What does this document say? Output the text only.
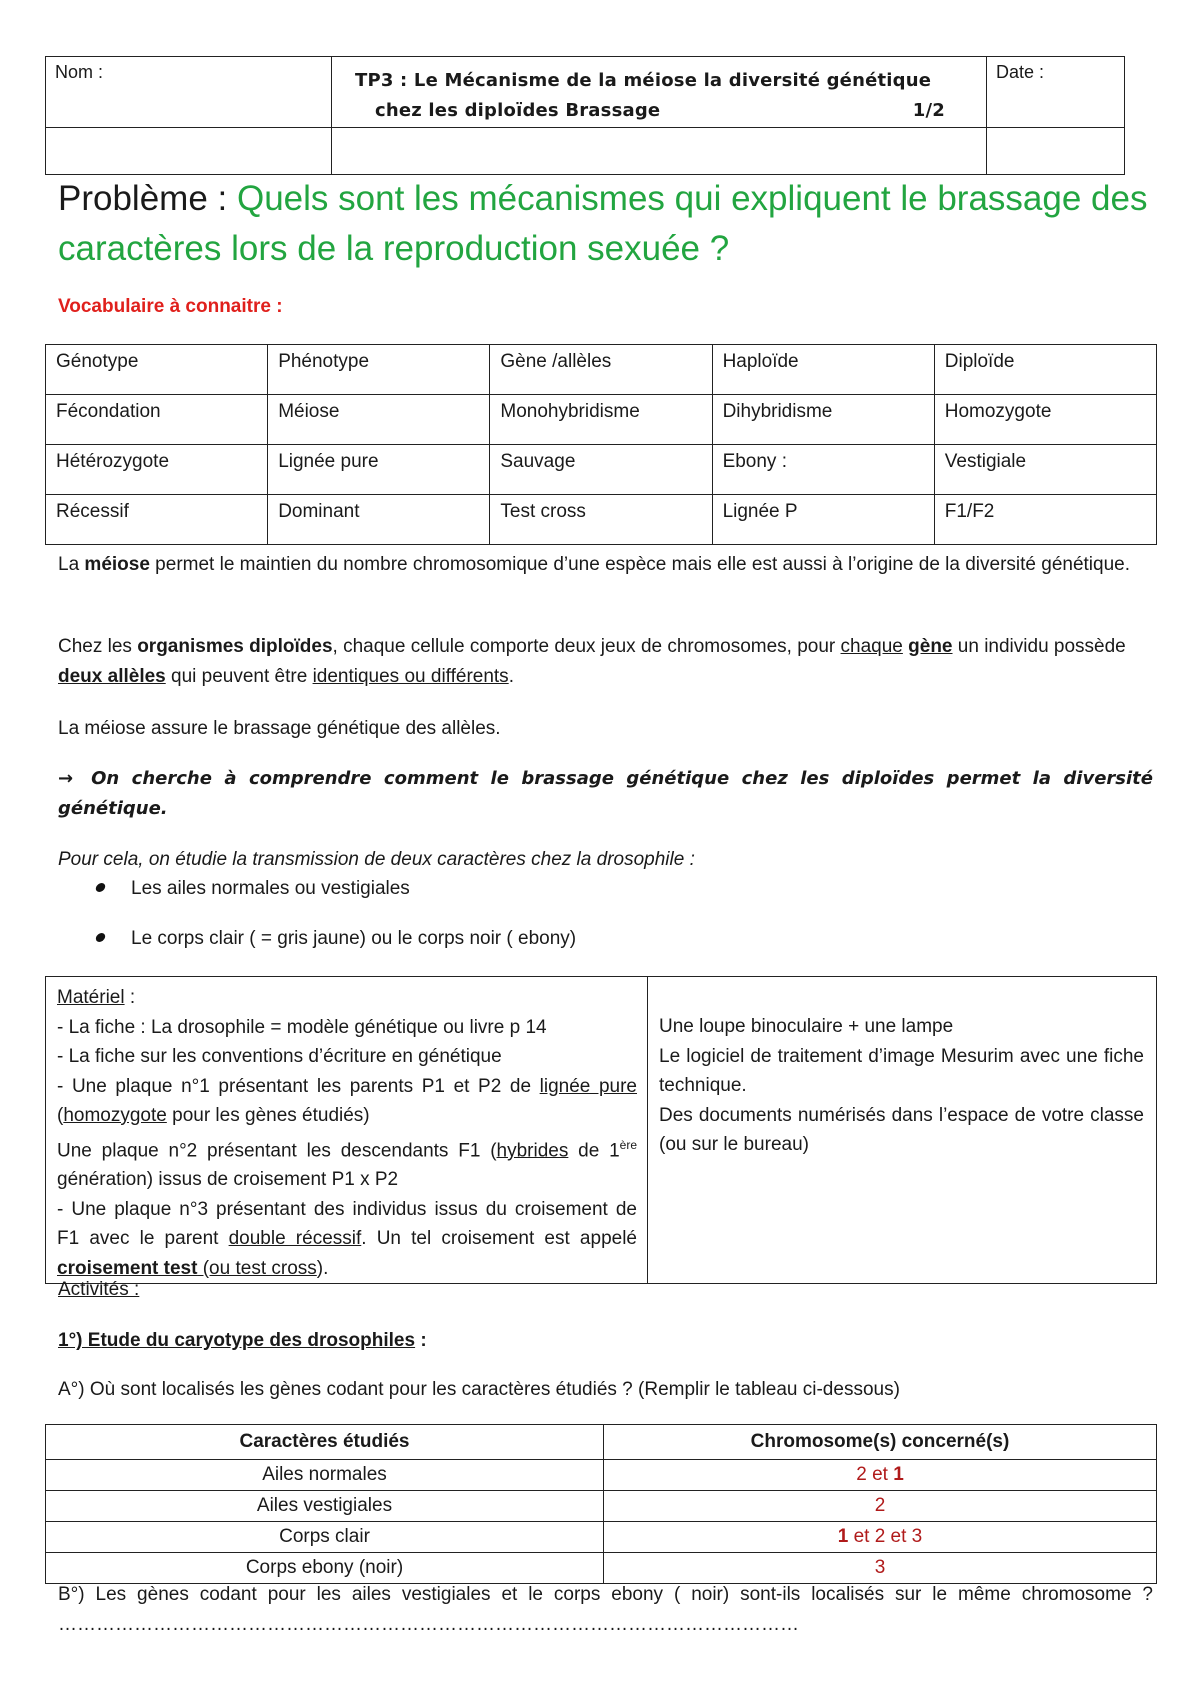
Nom :	TP3 : Le Mécanisme de la méiose la diversité génétique
chez les diploïdes Brassage 1/2	Date :

Problème : Quels sont les mécanismes qui expliquent le brassage des caractères lors de la reproduction sexuée ?
Vocabulaire à connaitre :
Génotype	Phénotype	Gène /allèles	Haploïde	Diploïde
Fécondation	Méiose	Monohybridisme	Dihybridisme	Homozygote
Hétérozygote	Lignée pure	Sauvage	Ebony :	Vestigiale
Récessif	Dominant	Test cross	Lignée P	F1/F2
La méiose permet le maintien du nombre chromosomique d’une espèce mais elle est aussi à l’origine de la diversité génétique.
Chez les organismes diploïdes, chaque cellule comporte deux jeux de chromosomes, pour chaque gène un individu possède deux allèles qui peuvent être identiques ou différents.
La méiose assure le brassage génétique des allèles.
→ On cherche à comprendre comment le brassage génétique chez les diploïdes permet la diversité génétique.
Pour cela, on étudie la transmission de deux caractères chez la drosophile :
Les ailes normales ou vestigiales
Le corps clair ( = gris jaune) ou le corps noir ( ebony)
Matériel :
- La fiche : La drosophile = modèle génétique ou livre p 14
- La fiche sur les conventions d’écriture en génétique
- Une plaque n°1 présentant les parents P1 et P2 de lignée pure (homozygote pour les gènes étudiés)
Une plaque n°2 présentant les descendants F1 (hybrides de 1ère génération) issus de croisement P1 x P2
- Une plaque n°3 présentant des individus issus du croisement de F1 avec le parent double récessif. Un tel croisement est appelé croisement test (ou test cross).

Une loupe binoculaire + une lampe
Le logiciel de traitement d’image Mesurim avec une fiche technique.
Des documents numérisés dans l’espace de votre classe (ou sur le bureau)
Activités :
1°) Etude du caryotype des drosophiles :
A°) Où sont localisés les gènes codant pour les caractères étudiés ? (Remplir le tableau ci-dessous)
Caractères étudiés	Chromosome(s) concerné(s)
Ailes normales	2 et 1
Ailes vestigiales	2
Corps clair	1 et 2 et 3
Corps ebony (noir)	3
B°) Les gènes codant pour les ailes vestigiales et le corps ebony ( noir) sont-ils localisés sur le même chromosome ? ………………………………………………………………………………………………………
